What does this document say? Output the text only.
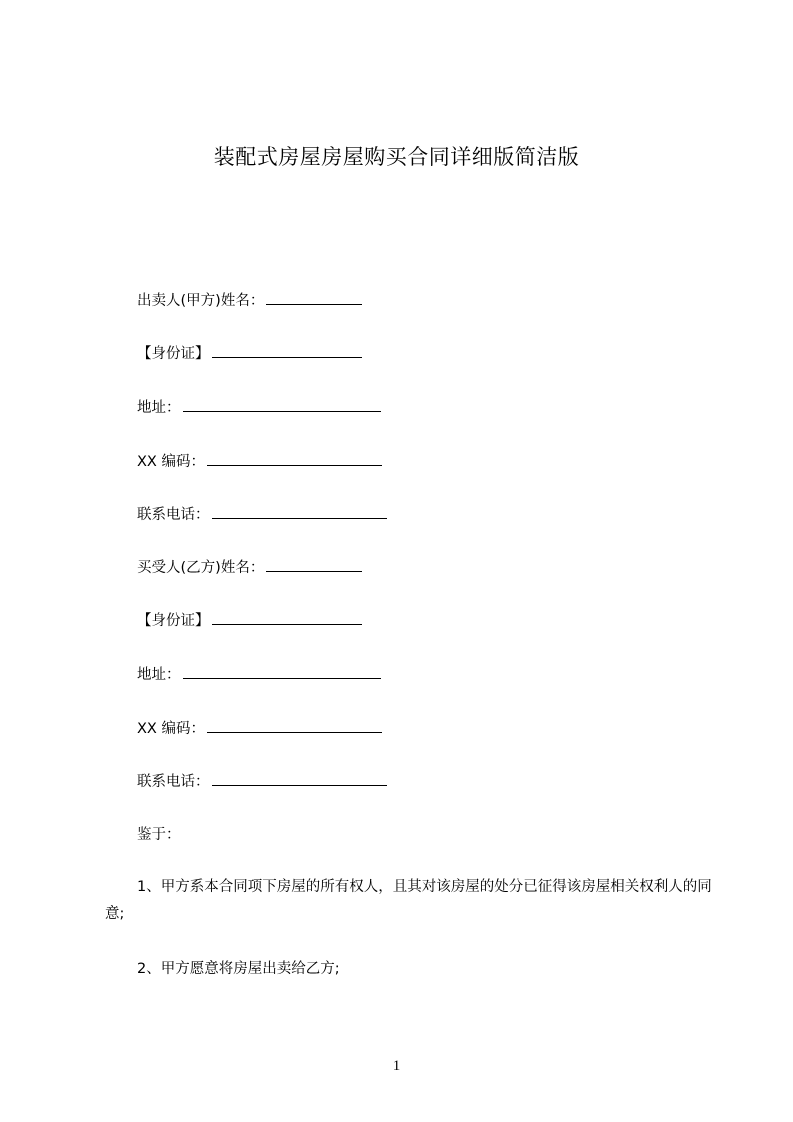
装配式房屋房屋购买合同详细版简洁版
出卖人(甲方)姓名：
【身份证】
地址：
XX 编码：
联系电话：
买受人(乙方)姓名：
【身份证】
地址：
XX 编码：
联系电话：
鉴于：

1、甲方系本合同项下房屋的所有权人，且其对该房屋的处分已征得该房屋相关权利人的同意;

2、甲方愿意将房屋出卖给乙方;

1
